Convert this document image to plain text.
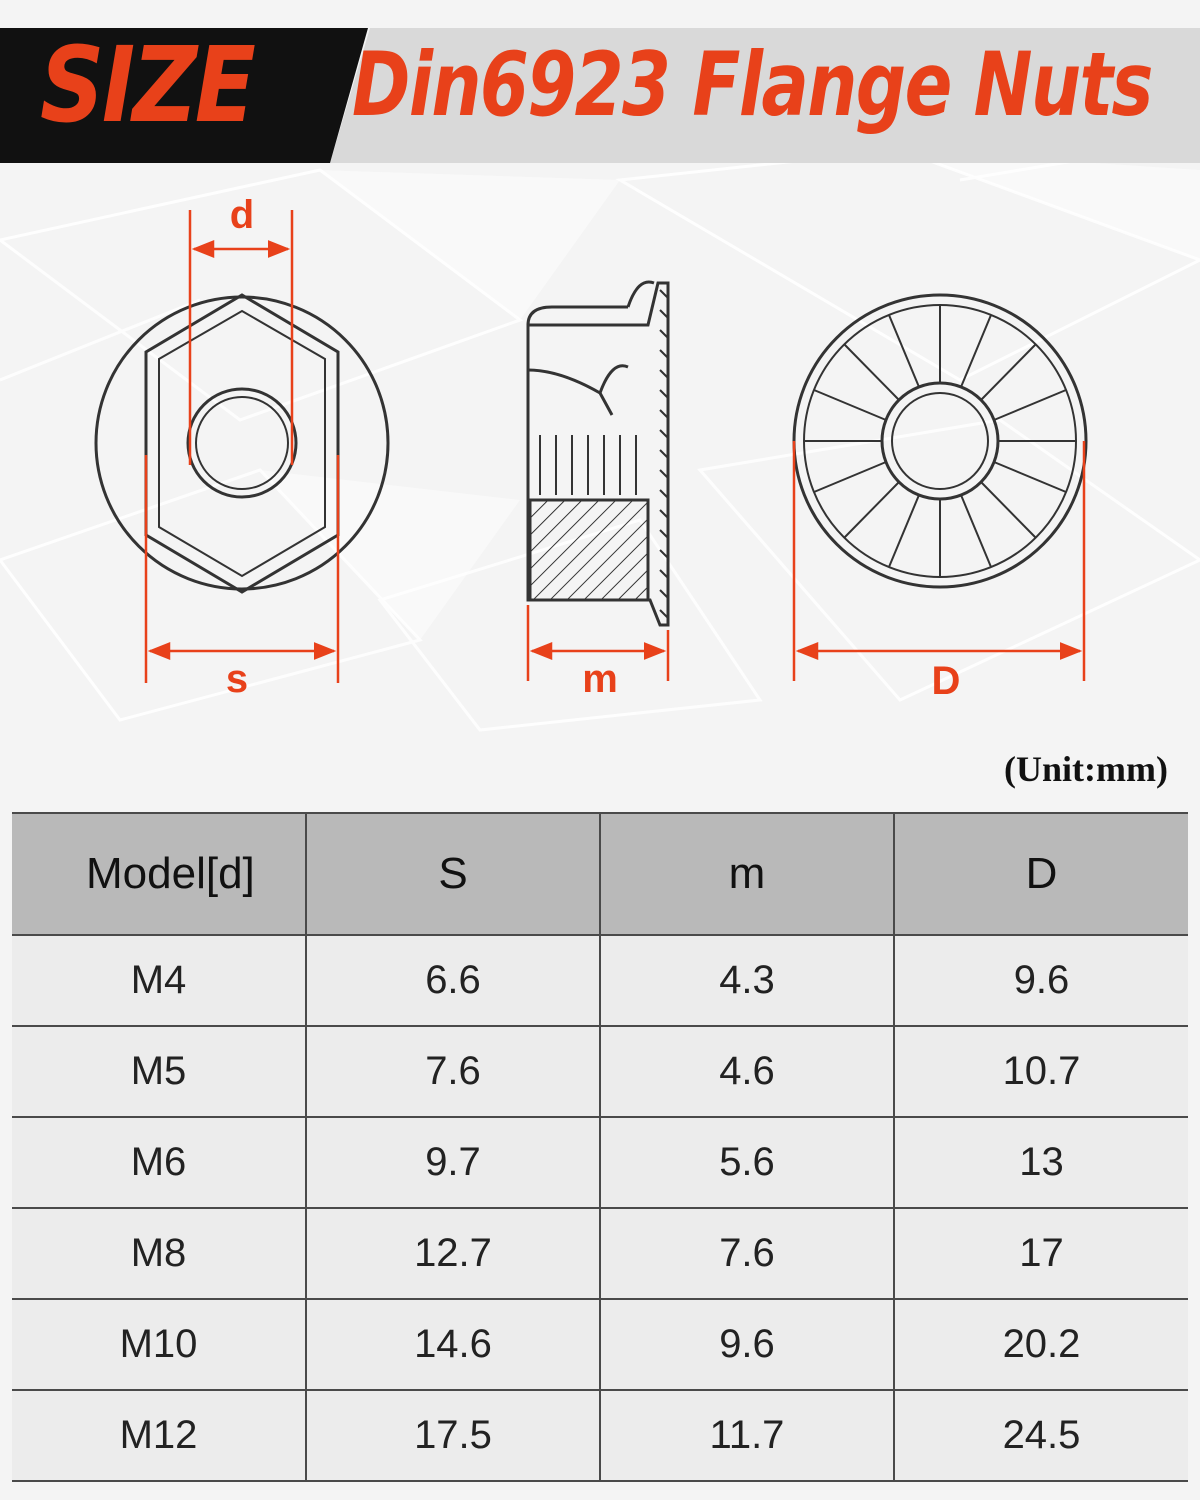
SIZE	Din6923 Flange Nuts
d
s	m	D
(Unit:mm)
Model[d]	S	m	D
M4	6.6	4.3	9.6
M5	7.6	4.6	10.7
M6	9.7	5.6	13
M8	12.7	7.6	17
M10	14.6	9.6	20.2
M12	17.5	11.7	24.5
